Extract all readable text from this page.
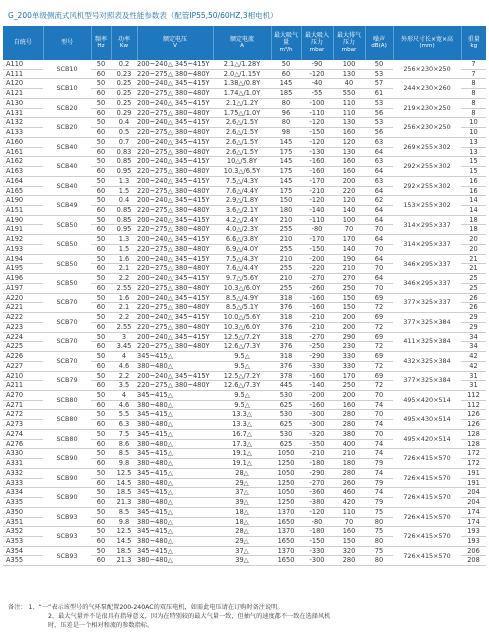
G_200单级侧流式风机型号对照表及性能参数表（配管IP55,50/60HZ,3相电机）
自统号	型号	频率
Hz	功率
Kw	额定电压
V	额定电流
A	最大吸气量
m³/h	最大吸入压力
mbar	最大排气压力
mbar	噪声
dB(A)	外形尺寸长×宽×高
(mm)	重量
kg

A110	SCB10	50	0.2	200~240△ 345~415Y	2.1△/1.28Y	50	-90	100	50	256×230×250	7
A111		60	0.23	220~275△ 380~480Y	2.0△/1.15Y	60	-120	130	53		7
A120	SCB10	50	0.25	200~240△ 345~415Y	1.38△/0.8Y	145	-40	40	57	244×230×260	8
A121		60	0.25	220~275△ 380~480Y	1.74△/1.0Y	185	-55	550	61		8
A130	SCB20	50	0.25	200~240△ 345~415Y	2.1△/1.2Y	80	-100	110	53	219×230×250	8
A131		60	0.29	220~275△ 380~480Y	1.75△/1.0Y	96	-110	110	56		8
A132	SCB20	50	0.4	200~240△ 345~415Y	2.6△/1.5Y	80	-120	130	53	256×230×250	10
A133		60	0.5	220~275△ 380~480Y	2.6△/1.5Y	98	-150	160	56		10
A160	SCB40	50	0.7	200~240△ 345~415Y	2.6△/1.5Y	145	-120	120	63	269×255×302	13
A161		60	0.83	220~275△ 380~480Y	2.6△/1.5Y	175	-130	130	64		13
A162	SCB40	50	0.85	200~240△ 345~415Y	10△/5.8Y	145	-160	160	63	292×255×302	15
A163		60	0.95	220~275△ 380~480Y	10.3△/6.5Y	175	-160	160	64		15
A164	SCB40	50	1.3	200~240△ 345~415Y	7.5△/4.3Y	145	-170	200	63	292×255×302	16
A165		60	1.5	220~275△ 380~480Y	7.6△/4.4Y	175	-210	220	64		16
A190	SCB49	50	0.4	200~240△ 345~415Y	2.9△/1.8Y	150	-120	120	62	153×255×302	14
A151		60	0.85	220~275△ 380~480Y	3.6△/2.1Y	180	-140	140	64		14
A190	SCB50	50	0.85	200~240△ 345~415Y	4.2△/2.4Y	210	-110	100	64	314×295×337	18
A191		60	0.95	220~275△ 380~480Y	4.0△/2.3Y	255	-80	70	70		18
A192	SCB50	50	1.3	200~240△ 345~415Y	6.6△/3.8Y	210	-170	170	64	314×295×337	20
A193		60	1.5	220~275△ 380~480Y	6.9△/4.0Y	255	-150	140	70		20
A194	SCB50	50	1.6	200~240△ 345~415Y	7.5△/4.3Y	210	-200	190	64	346×295×337	21
A195		60	2.1	220~275△ 380~480Y	7.6△/4.4Y	255	-220	210	70		21
A196	SCB50	50	2.2	200~240△ 345~415Y	9.7△/5.6Y	210	-270	270	64	346×295×337	25
A197		60	2.55	220~275△ 380~480Y	10.3△/6.0Y	255	-260	250	70		25
A220	SCB70	50	1.6	200~240△ 345~415Y	8.5△/4.9Y	318	-160	150	69	377×325×337	26
A221		60	2.1	220~275△ 380~480Y	8.5△/5.1Y	376	-160	150	72		26
A222	SCB70	50	2.2	200~240△ 345~415Y	10.0△/5.6Y	318	-210	200	69	377×325×384	29
A223		60	2.55	220~275△ 380~480Y	10.3△/6.0Y	376	-210	200	72		29
A224	SCB70	50	3	200~240△ 345~415Y	12.5△/7.2Y	318	-270	290	69	411×325×384	34
A225		60	3.45	220~275△ 380~480Y	12.6△/7.3Y	376	-250	230	72		34
A226	SCB70	50	4	345~415△	9.5△	318	-290	330	69	432×325×384	42
A227		60	4.6	380~480△	9.5△	376	-330	330	72		42
A210	SCB79	50	2.2	200~240△ 345~415Y	12.5△/7.2Y	378	-160	170	69	377×325×384	31
A211		60	3.5	220~275△ 380~480Y	12.6△/7.3Y	445	-140	250	72		31
A270	SCB80	50	4	345~415△	9.5△	530	-200	200	70	495×420×514	112
A271		60	4.6	380~480△	9.5△	625	-160	160	74		112
A272	SCB80	50	5.5	345~415△	13.3△	530	-300	280	70	495×430×514	126
A273		60	6.3	380~480△	13.3△	625	-300	280	74		126
A274	SCB80	50	7.5	345~415△	16.7△	530	-320	380	70	495×420×514	128
A276		60	8.6	380~480△	17.3△	625	-350	400	74		128
A330	SCB90	50	8.5	345~415△	19.1△	1050	-210	210	74	726×415×570	172
A331		60	9.8	380~480△	19.1△	1250	-180	180	79		172
A332	SCB90	50	12.5	345~415△	28△	1050	-290	280	74	726×415×570	191
A333		60	14.5	380~480△	29△	1250	-270	260	79		191
A334	SCB90	50	18.5	345~415△	37△	1050	-360	460	74	726×415×570	204
A335		60	21.3	380~480△	39△	1250	-380	420	79		204
A350	SCB93	50	8.5	345~415△	18△	1370	-120	110	75	726×415×570	174
A351		60	9.8	380~480△	18△	1650	-80	70	80		174
A352	SCB93	50	12.5	345~415△	28△	1370	-180	160	75	726×415×570	193
A353		60	14.5	380~480△	29△	1650	-150	150	80		193
A354	SCB93	50	18.5	345~415△	37△	1370	-330	320	75	726×415×570	206
A355		60	21.3	380~480△	39△	1650	-300	280	80		208
备注： 1、“一”表示该型号的气环泵配置200-240AC的双压电机，如需此电压请在订购时备注说明。
2、最大气量并不是很具有指导意义，因为在特别较的最大气量一致，但抽气的速度都不一致在选择风机
时，压差是一个相对和流的参数指标。
